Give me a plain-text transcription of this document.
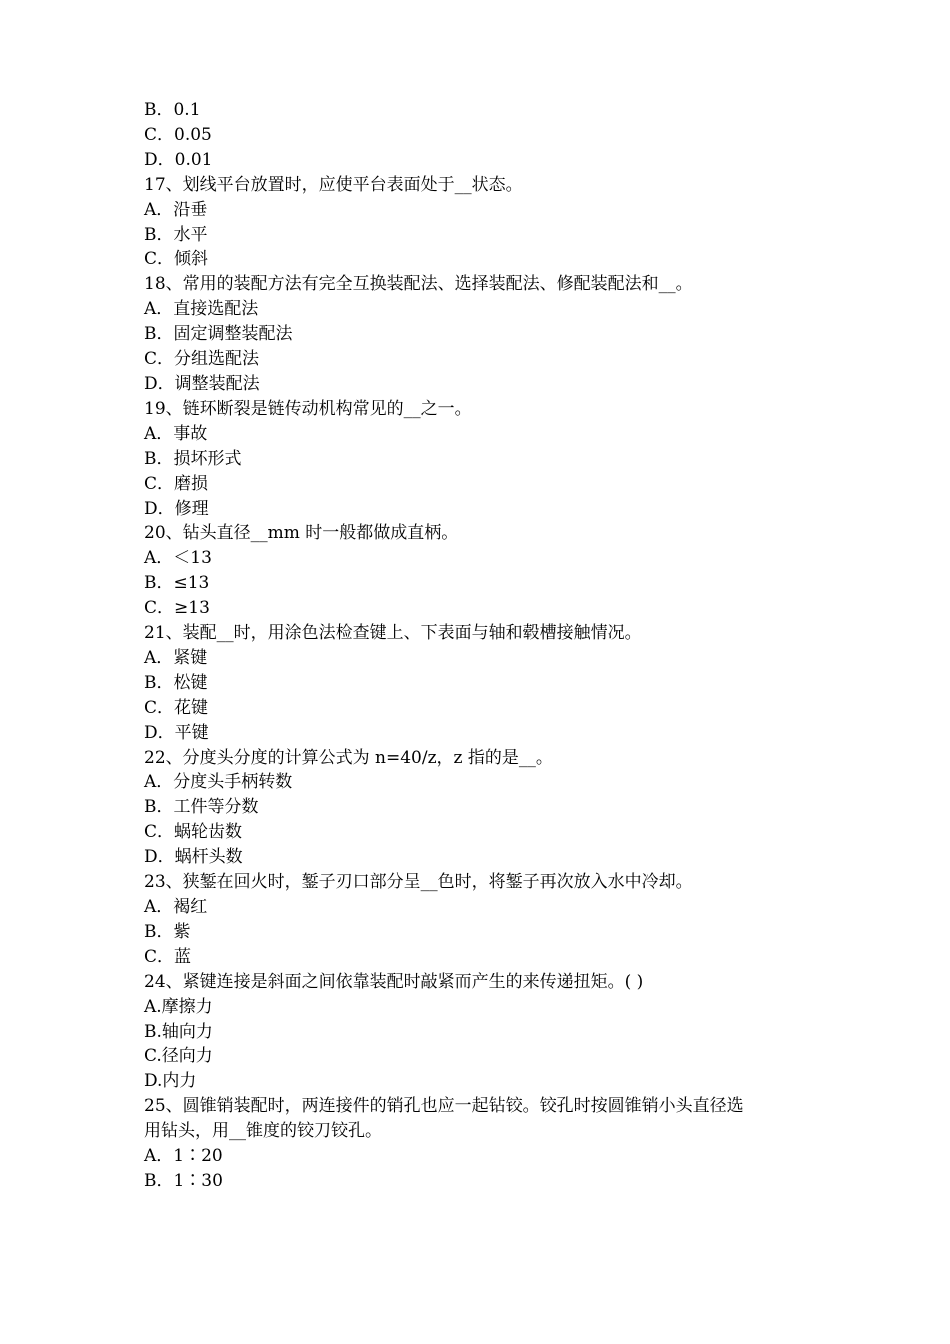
B．0.1
C．0.05
D．0.01
17、划线平台放置时，应使平台表面处于__状态。
A．沿垂
B．水平
C．倾斜
18、常用的装配方法有完全互换装配法、选择装配法、修配装配法和__。
A．直接选配法
B．固定调整装配法
C．分组选配法
D．调整装配法
19、链环断裂是链传动机构常见的__之一。
A．事故
B．损坏形式
C．磨损
D．修理
20、钻头直径__mm 时一般都做成直柄。
A．＜13
B．≤13
C．≥13
21、装配__时，用涂色法检查键上、下表面与轴和毂槽接触情况。
A．紧键
B．松键
C．花键
D．平键
22、分度头分度的计算公式为 n=40/z，z 指的是__。
A．分度头手柄转数
B．工件等分数
C．蜗轮齿数
D．蜗杆头数
23、狭錾在回火时，錾子刃口部分呈__色时，将錾子再次放入水中冷却。
A．褐红
B．紫
C．蓝
24、紧键连接是斜面之间依靠装配时敲紧而产生的来传递扭矩。( )
A.摩擦力
B.轴向力
C.径向力
D.内力
25、圆锥销装配时，两连接件的销孔也应一起钻铰。铰孔时按圆锥销小头直径选
用钻头，用__锥度的铰刀铰孔。
A．1∶20
B．1∶30
